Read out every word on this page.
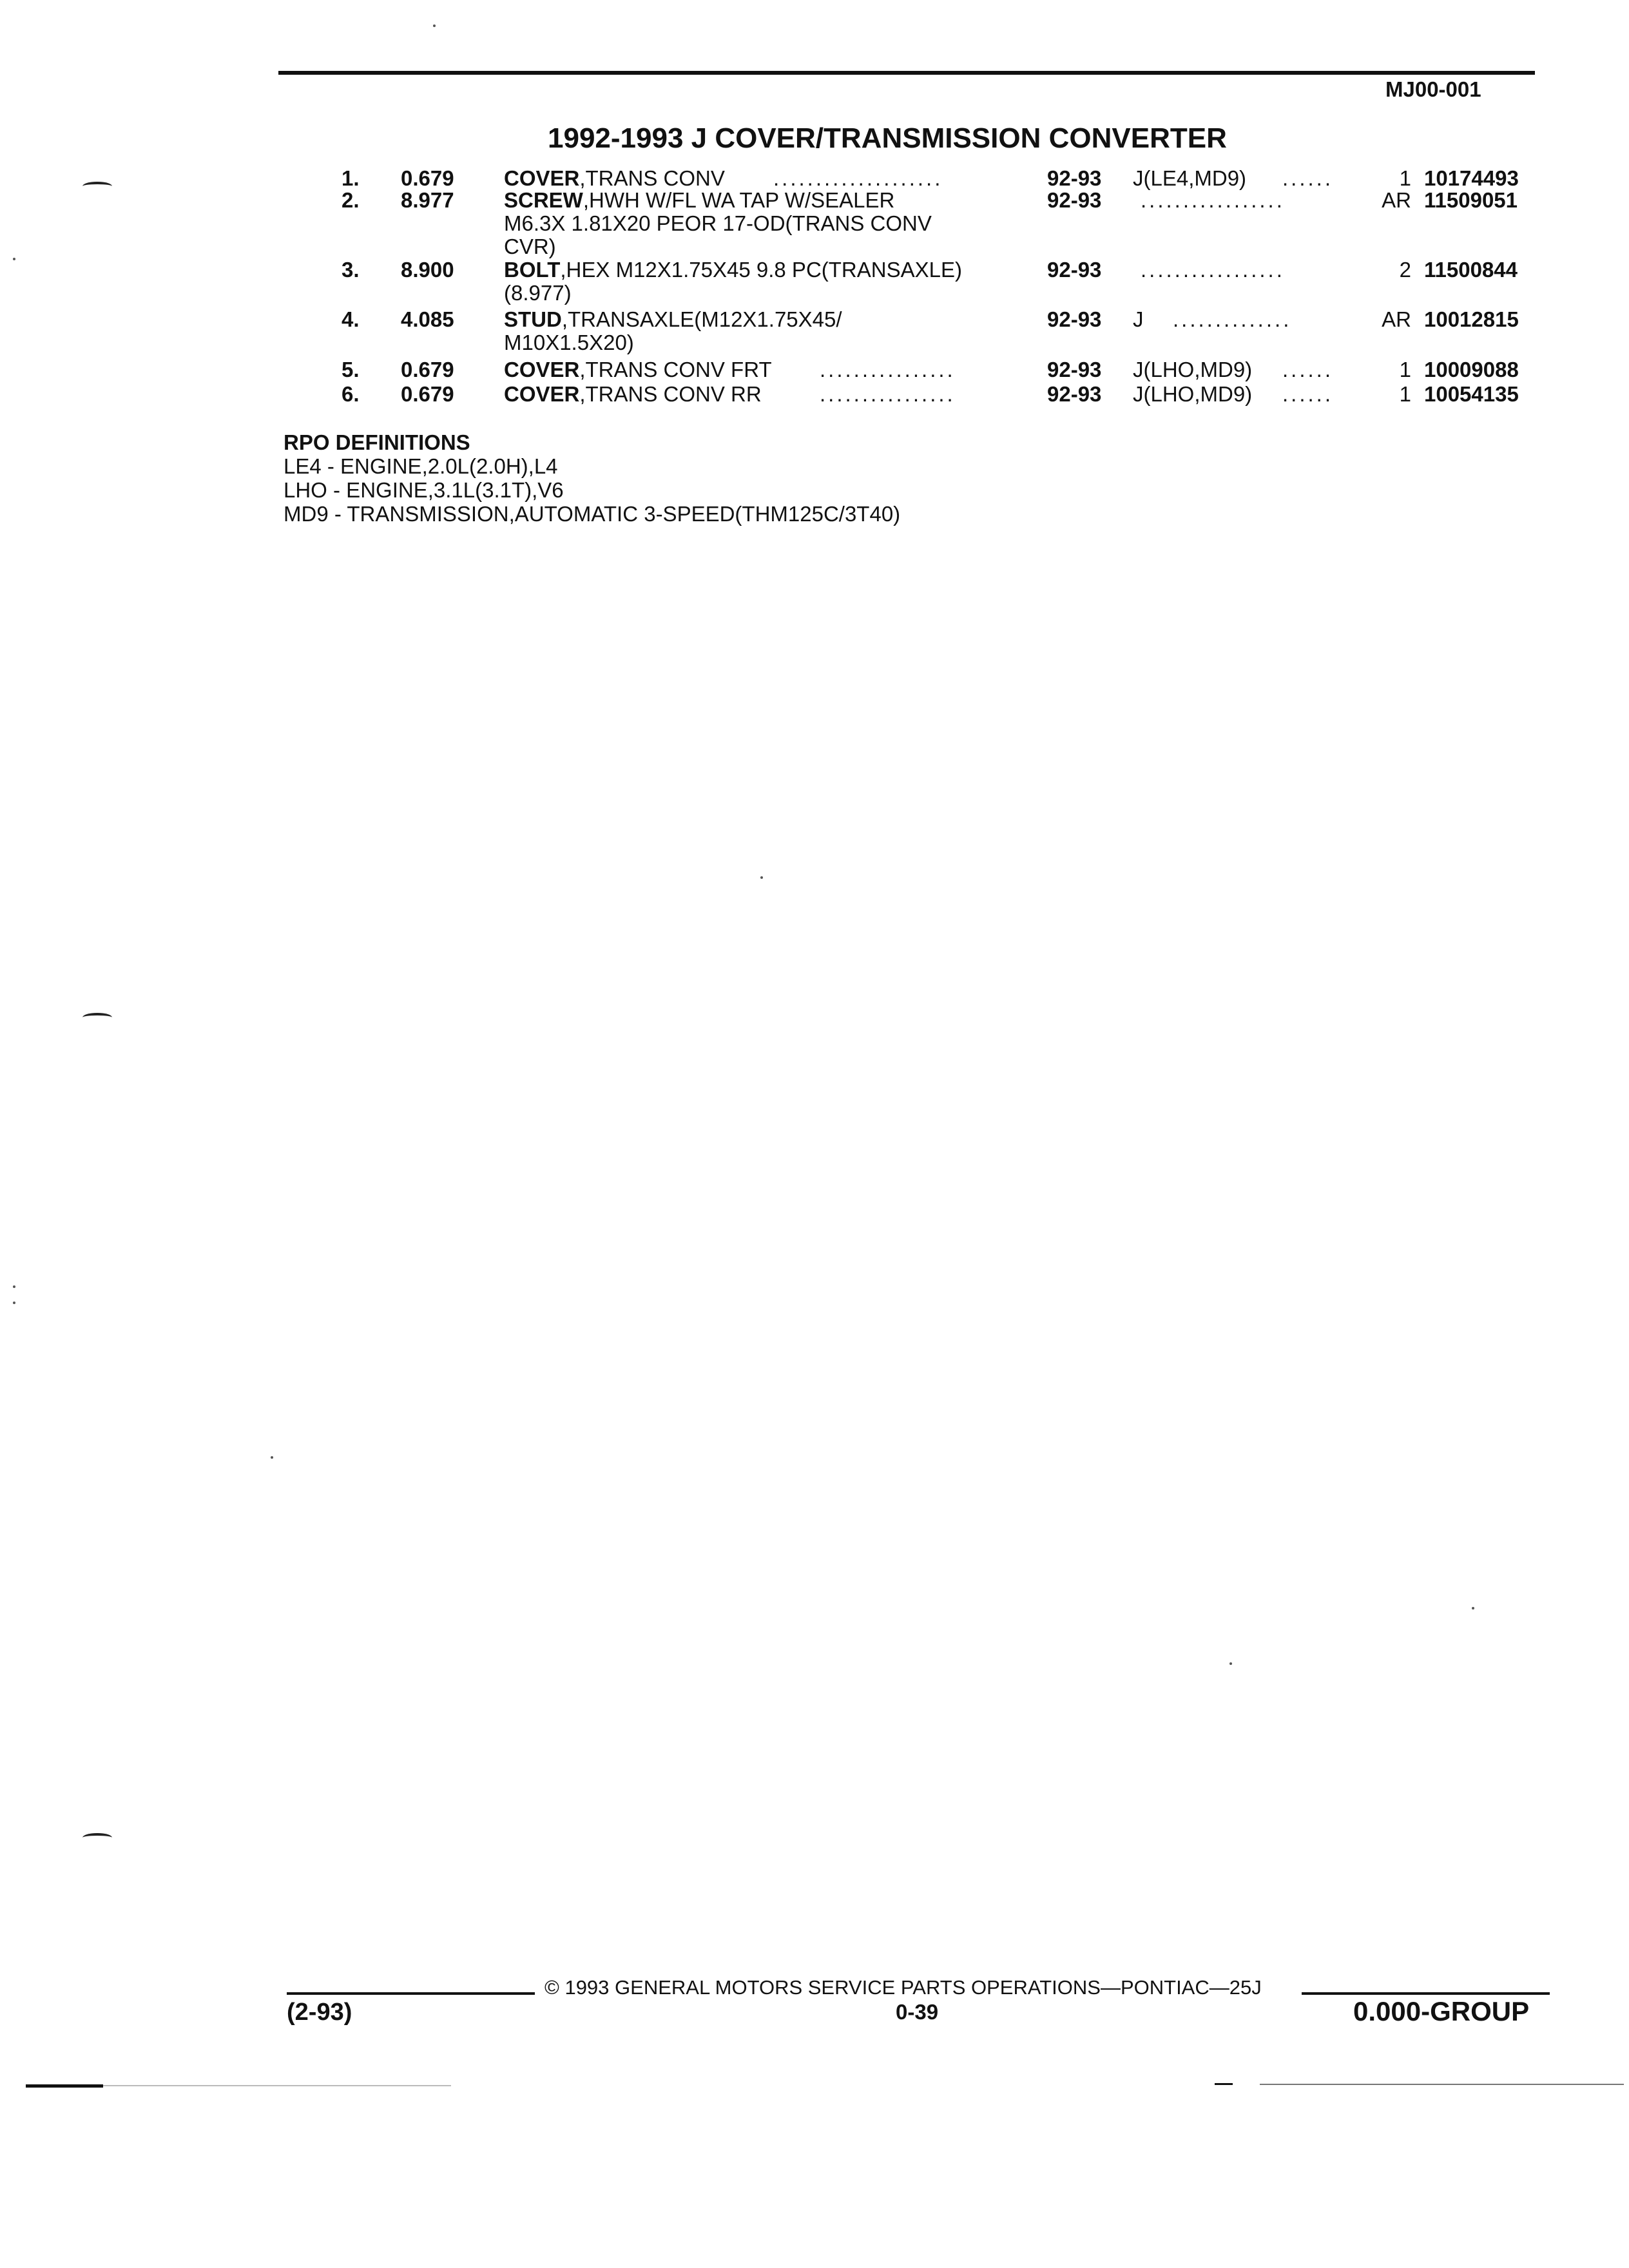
MJ00-001
1992-1993 J COVER/TRANSMISSION CONVERTER
1. 0.679 COVER,TRANS CONV ....................	92-93 J(LE4,MD9) ......	1 10174493
2. 8.977 SCREW,HWH W/FL WA TAP W/SEALER
M6.3X 1.81X20 PEOR 17-OD(TRANS CONV
CVR)
92-93 .................	AR 11509051
3. 8.900 BOLT,HEX M12X1.75X45 9.8 PC(TRANSAXLE)
(8.977)
92-93 .................	2 11500844
4. 4.085 STUD,TRANSAXLE(M12X1.75X45/
M10X1.5X20)
92-93 J ..............	AR 10012815
5. 0.679 COVER,TRANS CONV FRT ................	92-93 J(LHO,MD9) ......	1 10009088
6. 0.679 COVER,TRANS CONV RR	................	92-93 J(LHO,MD9) ......	1 10054135
RPO DEFINITIONS
LE4 - ENGINE,2.0L(2.0H),L4
LHO - ENGINE,3.1L(3.1T),V6
MD9 - TRANSMISSION,AUTOMATIC 3-SPEED(THM125C/3T40)
© 1993 GENERAL MOTORS SERVICE PARTS OPERATIONS—PONTIAC—25J
(2-93)	0-39	0.000-GROUP
